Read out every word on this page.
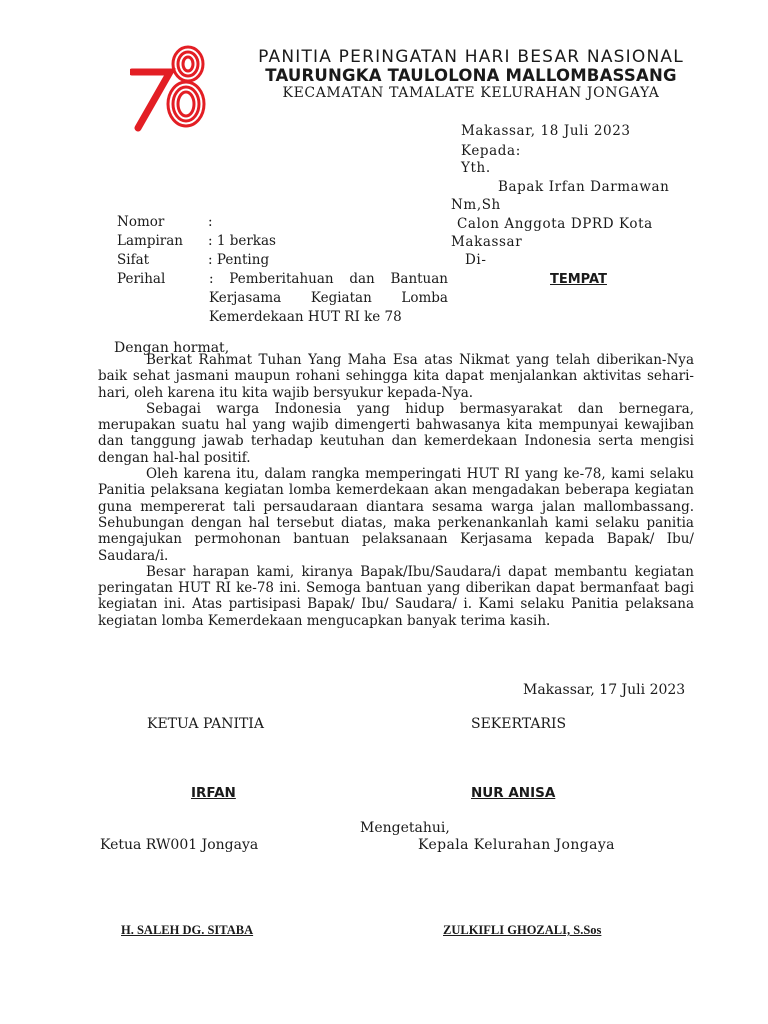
PANITIA PERINGATAN HARI BESAR NASIONAL
TAURUNGKA TAULOLONA MALLOMBASSANG
KECAMATAN TAMALATE KELURAHAN JONGAYA
Makassar, 18 Juli 2023
Kepada:
Yth.
Bapak Irfan Darmawan
Nm,Sh
Calon Anggota DPRD Kota
Makassar
Di-
TEMPAT
Nomor	:
Lampiran : 1 berkas
Sifat	: Penting
Perihal	: Pemberitahuan dan Bantuan Kerjasama Kegiatan Lomba Kemerdekaan HUT RI ke 78

Dengan hormat,

Berkat Rahmat Tuhan Yang Maha Esa atas Nikmat yang telah diberikan-Nya baik sehat jasmani maupun rohani sehingga kita dapat menjalankan aktivitas sehari-hari, oleh karena itu kita wajib bersyukur kepada-Nya.

Sebagai warga Indonesia yang hidup bermasyarakat dan bernegara, merupakan suatu hal yang wajib dimengerti bahwasanya kita mempunyai kewajiban dan tanggung jawab terhadap keutuhan dan kemerdekaan Indonesia serta mengisi dengan hal-hal positif.

Oleh karena itu, dalam rangka memperingati HUT RI yang ke-78, kami selaku Panitia pelaksana kegiatan lomba kemerdekaan akan mengadakan beberapa kegiatan guna mempererat tali persaudaraan diantara sesama warga jalan mallombassang. Sehubungan dengan hal tersebut diatas, maka perkenankanlah kami selaku panitia mengajukan permohonan bantuan pelaksanaan Kerjasama kepada Bapak/ Ibu/ Saudara/i.

Besar harapan kami, kiranya Bapak/Ibu/Saudara/i dapat membantu kegiatan peringatan HUT RI ke-78 ini. Semoga bantuan yang diberikan dapat bermanfaat bagi kegiatan ini. Atas partisipasi Bapak/ Ibu/ Saudara/ i. Kami selaku Panitia pelaksana kegiatan lomba Kemerdekaan mengucapkan banyak terima kasih.

Makassar, 17 Juli 2023
KETUA PANITIA	SEKERTARIS
IRFAN	NUR ANISA
Mengetahui,
Ketua RW001 Jongaya	Kepala Kelurahan Jongaya
H. SALEH DG. SITABA	ZULKIFLI GHOZALI, S.Sos
